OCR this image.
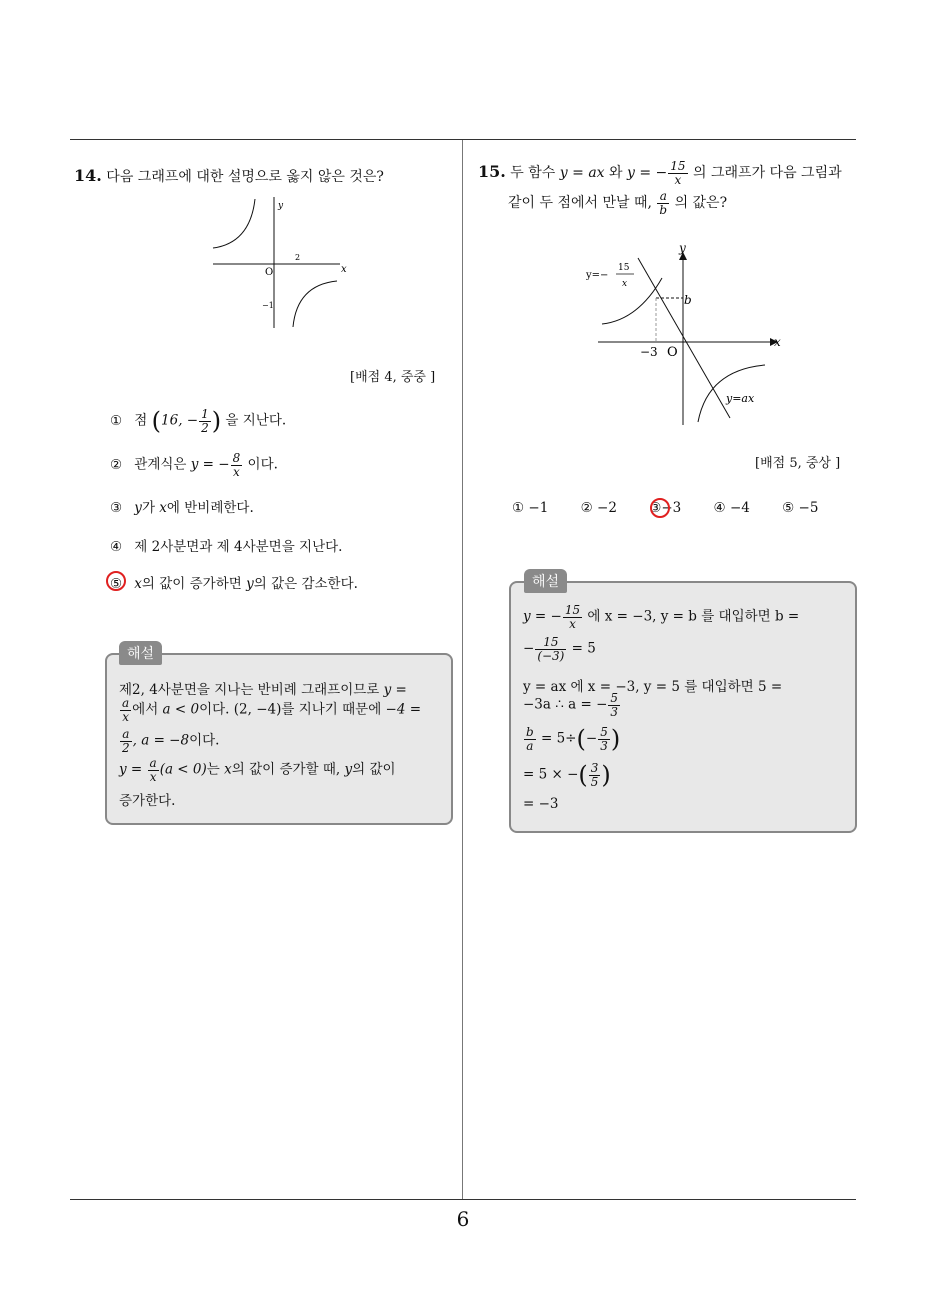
6
14. 다음 그래프에 대한 설명으로 옳지 않은 것은?
O	x
y
2
−1
[배점 4, 중중 ]
① 점 (16, − $\frac{1}{2}$ ) 을 지난다.
② 관계식은 y = − $\frac{8}{x}$ 이다.
③ y가 x에 반비례한다.
④ 제 2사분면과 제 4사분면을 지난다.
⑤ x의 값이 증가하면 y의 값은 감소한다.
해설
제2, 4사분면을 지나는 반비례 그래프이므로 y =
$\frac{a}{x}$ 에서 a < 0이다. (2, −4)를 지나기 때문에 −4 =
$\frac{a}{2}$ , a = −8이다.
$y = \frac{a}{x} (a < 0)$는 x의 값이 증가할 때, y의 값이
증가한다.
15. 두 함수 y = ax 와 y = − $\frac{15}{x}$ 의 그래프가 다음 그림과
같이 두 점에서 만날 때, $\frac{a}{b}$ 의 값은?
b
−3 O
x
y
y=−
15
x
y=ax
[배점 5, 중상 ]
① −1 ② −2 ③−3 ④ −4 ⑤ −5
해설
y = − $\frac{15}{x}$ 에 x = −3, y = b 를 대입하면 b =
− $\frac{15}{(-3)} = 5$
y = ax 에 x = −3, y = 5 를 대입하면 5 =
−3a ∴ a = − $\frac{5}{3}$
$\frac{b}{a} = 5\div(- \frac{5}{3}$ )
= 5 × −( $\frac{3}{5}$ )
= −3
